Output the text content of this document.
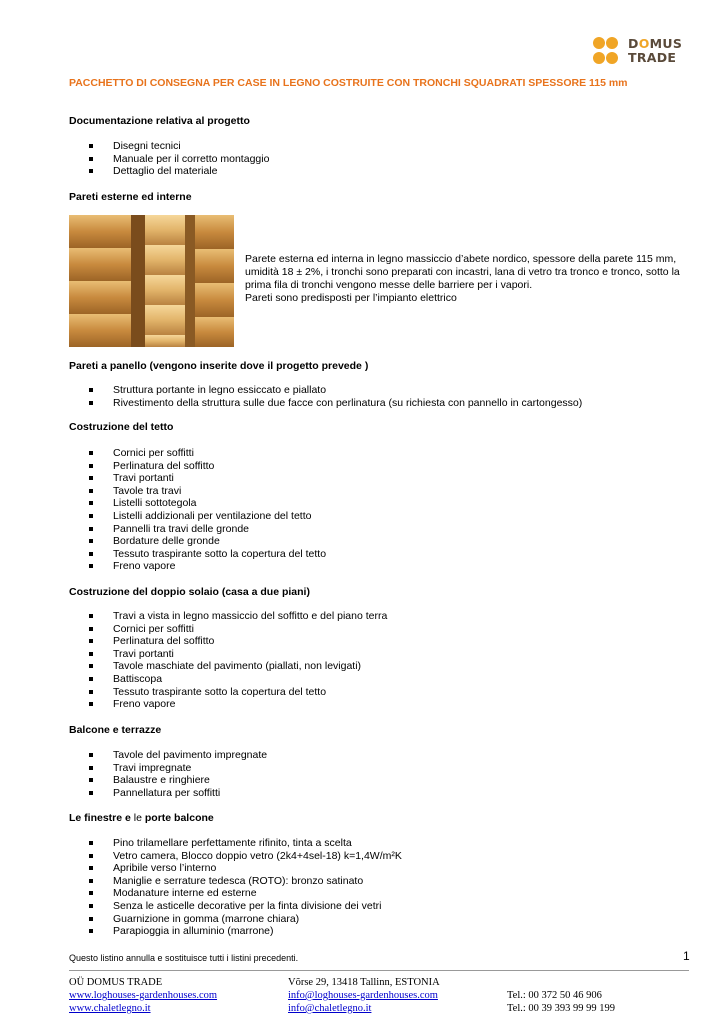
DOMUS
TRADE
PACCHETTO DI CONSEGNA PER CASE IN LEGNO COSTRUITE CON TRONCHI SQUADRATI SPESSORE 115 mm
Documentazione relativa al progetto
Disegni tecnici
Manuale per il corretto montaggio
Dettaglio del materiale
Pareti esterne ed interne

Parete esterna ed interna in legno massiccio d’abete nordico, spessore della parete 115 mm, umidità 18 ± 2%, i tronchi sono preparati con incastri, lana di vetro tra tronco e tronco, sotto la prima fila di tronchi vengono messe delle barriere per i vapori.

Pareti sono predisposti per l’impianto elettrico

Pareti a panello (vengono inserite dove il progetto prevede )
Struttura portante in legno essiccato e piallato
Rivestimento della struttura sulle due facce con perlinatura (su richiesta con pannello in cartongesso)
Costruzione del tetto
Cornici per soffitti
Perlinatura del soffitto
Travi portanti
Tavole tra travi
Listelli sottotegola
Listelli addizionali per ventilazione del tetto
Pannelli tra travi delle gronde
Bordature delle gronde
Tessuto traspirante sotto la copertura del tetto
Freno vapore
Costruzione del doppio solaio (casa a due piani)
Travi a vista in legno massiccio del soffitto e del piano terra
Cornici per soffitti
Perlinatura del soffitto
Travi portanti
Tavole maschiate del pavimento (piallati, non levigati)
Battiscopa
Tessuto traspirante sotto la copertura del tetto
Freno vapore
Balcone e terrazze
Tavole del pavimento impregnate
Travi impregnate
Balaustre e ringhiere
Pannellatura per soffitti
Le finestre e le porte balcone
Pino trilamellare perfettamente rifinito, tinta a scelta
Vetro camera, Blocco doppio vetro (2k4+4sel-18) k=1,4W/m²K
Apribile verso l’interno
Maniglie e serrature tedesca (ROTO): bronzo satinato
Modanature interne ed esterne
Senza le asticelle decorative per la finta divisione dei vetri
Guarnizione in gomma (marrone chiara)
Parapioggia in alluminio (marrone)
Questo listino annulla e sostituisce tutti i listini precedenti.	1
OÜ DOMUS TRADE
www.loghouses-gardenhouses.com
www.chaletlegno.it
Võrse 29, 13418 Tallinn, ESTONIA
info@loghouses-gardenhouses.com
info@chaletlegno.it
Tel.: 00 372 50 46 906
Tel.: 00 39 393 99 99 199
